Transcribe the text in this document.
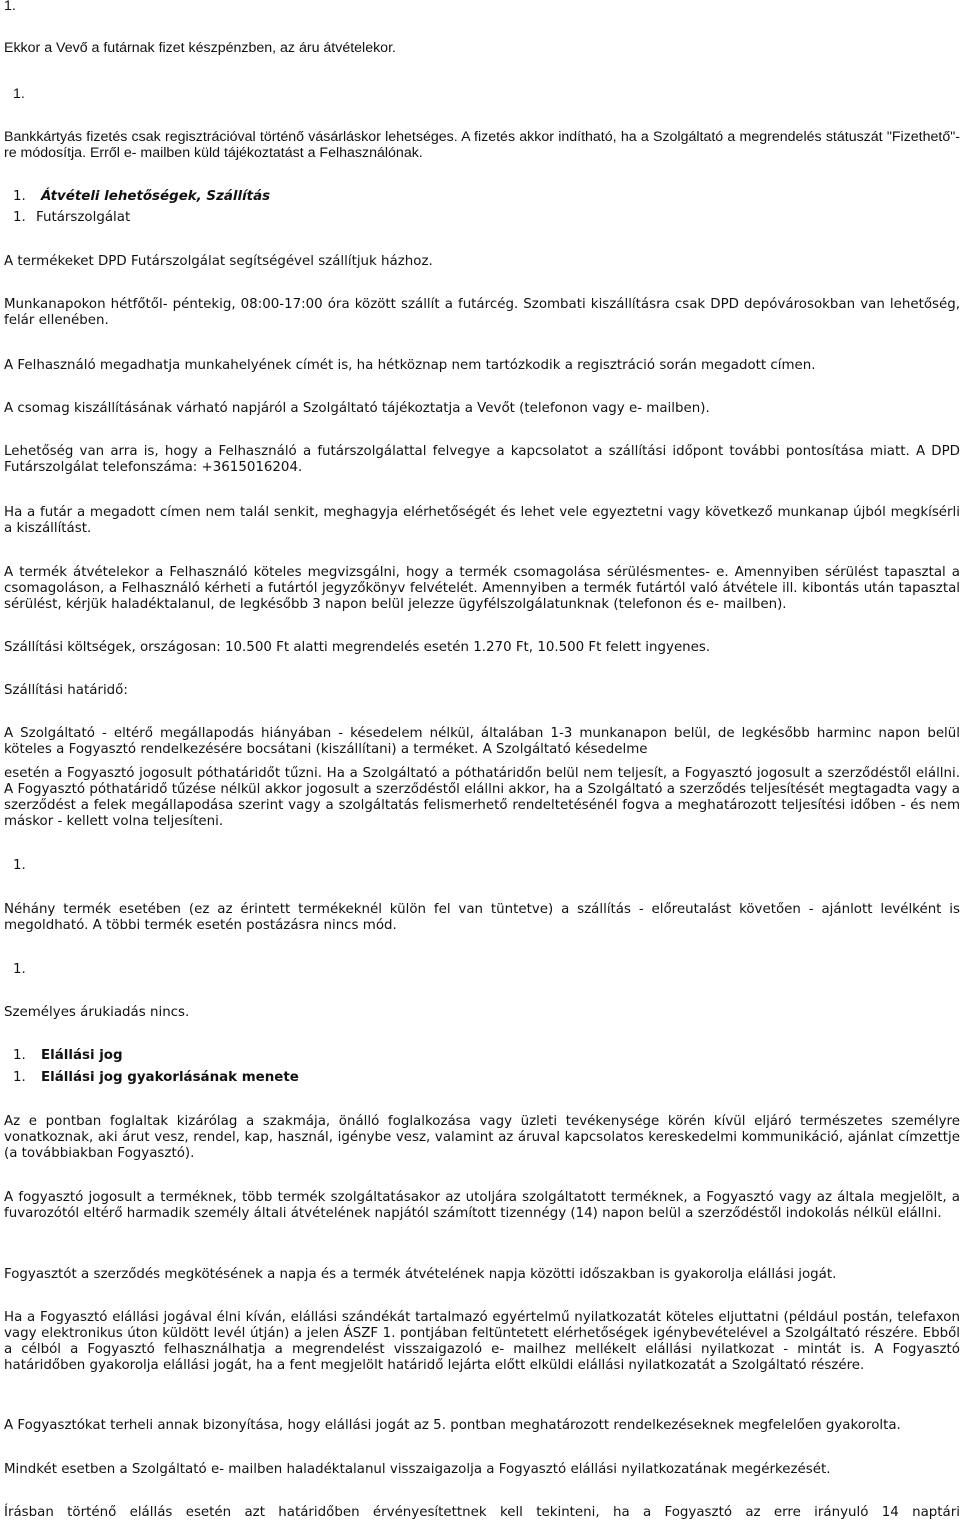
1.

Ekkor a Vevő a futárnak fizet készpénzben, az áru átvételekor.

1.

Bankkártyás fizetés csak regisztrációval történő vásárláskor lehetséges. A fizetés akkor indítható, ha a Szolgáltató a megrendelés státuszát "Fizethető"- re módosítja. Erről e- mailben küld tájékoztatást a Felhasználónak.

1. Átvételi lehetőségek, Szállítás
1. Futárszolgálat

A termékeket DPD Futárszolgálat segítségével szállítjuk házhoz.

Munkanapokon hétfőtől- péntekig, 08:00-17:00 óra között szállít a futárcég. Szombati kiszállításra csak DPD depóvárosokban van lehetőség, felár ellenében.

A Felhasználó megadhatja munkahelyének címét is, ha hétköznap nem tartózkodik a regisztráció során megadott címen.

A csomag kiszállításának várható napjáról a Szolgáltató tájékoztatja a Vevőt (telefonon vagy e- mailben).

Lehetőség van arra is, hogy a Felhasználó a futárszolgálattal felvegye a kapcsolatot a szállítási időpont további pontosítása miatt. A DPD Futárszolgálat telefonszáma: +3615016204.

Ha a futár a megadott címen nem talál senkit, meghagyja elérhetőségét és lehet vele egyeztetni vagy következő munkanap újból megkísérli a kiszállítást.

A termék átvételekor a Felhasználó köteles megvizsgálni, hogy a termék csomagolása sérülésmentes- e. Amennyiben sérülést tapasztal a csomagoláson, a Felhasználó kérheti a futártól jegyzőkönyv felvételét. Amennyiben a termék futártól való átvétele ill. kibontás után tapasztal sérülést, kérjük haladéktalanul, de legkésőbb 3 napon belül jelezze ügyfélszolgálatunknak (telefonon és e- mailben).

Szállítási költségek, országosan: 10.500 Ft alatti megrendelés esetén 1.270 Ft, 10.500 Ft felett ingyenes.

Szállítási határidő:

A Szolgáltató - eltérő megállapodás hiányában - késedelem nélkül, általában 1-3 munkanapon belül, de legkésőbb harminc napon belül köteles a Fogyasztó rendelkezésére bocsátani (kiszállítani) a terméket. A Szolgáltató késedelme

esetén a Fogyasztó jogosult póthatáridőt tűzni. Ha a Szolgáltató a póthatáridőn belül nem teljesít, a Fogyasztó jogosult a szerződéstől elállni. A Fogyasztó póthatáridő tűzése nélkül akkor jogosult a szerződéstől elállni akkor, ha a Szolgáltató a szerződés teljesítését megtagadta vagy a szerződést a felek megállapodása szerint vagy a szolgáltatás felismerhető rendeltetésénél fogva a meghatározott teljesítési időben - és nem máskor - kellett volna teljesíteni.

1.

Néhány termék esetében (ez az érintett termékeknél külön fel van tüntetve) a szállítás - előreutalást követően - ajánlott levélként is megoldható. A többi termék esetén postázásra nincs mód.

1.

Személyes árukiadás nincs.

1. Elállási jog
1. Elállási jog gyakorlásának menete

Az e pontban foglaltak kizárólag a szakmája, önálló foglalkozása vagy üzleti tevékenysége körén kívül eljáró természetes személyre vonatkoznak, aki árut vesz, rendel, kap, használ, igénybe vesz, valamint az áruval kapcsolatos kereskedelmi kommunikáció, ajánlat címzettje (a továbbiakban Fogyasztó).

A fogyasztó jogosult a terméknek, több termék szolgáltatásakor az utoljára szolgáltatott terméknek, a Fogyasztó vagy az általa megjelölt, a fuvarozótól eltérő harmadik személy általi átvételének napjától számított tizennégy (14) napon belül a szerződéstől indokolás nélkül elállni.

Fogyasztót a szerződés megkötésének a napja és a termék átvételének napja közötti időszakban is gyakorolja elállási jogát.

Ha a Fogyasztó elállási jogával élni kíván, elállási szándékát tartalmazó egyértelmű nyilatkozatát köteles eljuttatni (például postán, telefaxon vagy elektronikus úton küldött levél útján) a jelen ÁSZF 1. pontjában feltüntetett elérhetőségek igénybevételével a Szolgáltató részére. Ebből a célból a Fogyasztó felhasználhatja a megrendelést visszaigazoló e- mailhez mellékelt elállási nyilatkozat - mintát is. A Fogyasztó határidőben gyakorolja elállási jogát, ha a fent megjelölt határidő lejárta előtt elküldi elállási nyilatkozatát a Szolgáltató részére.

A Fogyasztókat terheli annak bizonyítása, hogy elállási jogát az 5. pontban meghatározott rendelkezéseknek megfelelően gyakorolta.

Mindkét esetben a Szolgáltató e- mailben haladéktalanul visszaigazolja a Fogyasztó elállási nyilatkozatának megérkezését.

Írásban történő elállás esetén azt határidőben érvényesítettnek kell tekinteni, ha a Fogyasztó az erre irányuló 14 naptári
